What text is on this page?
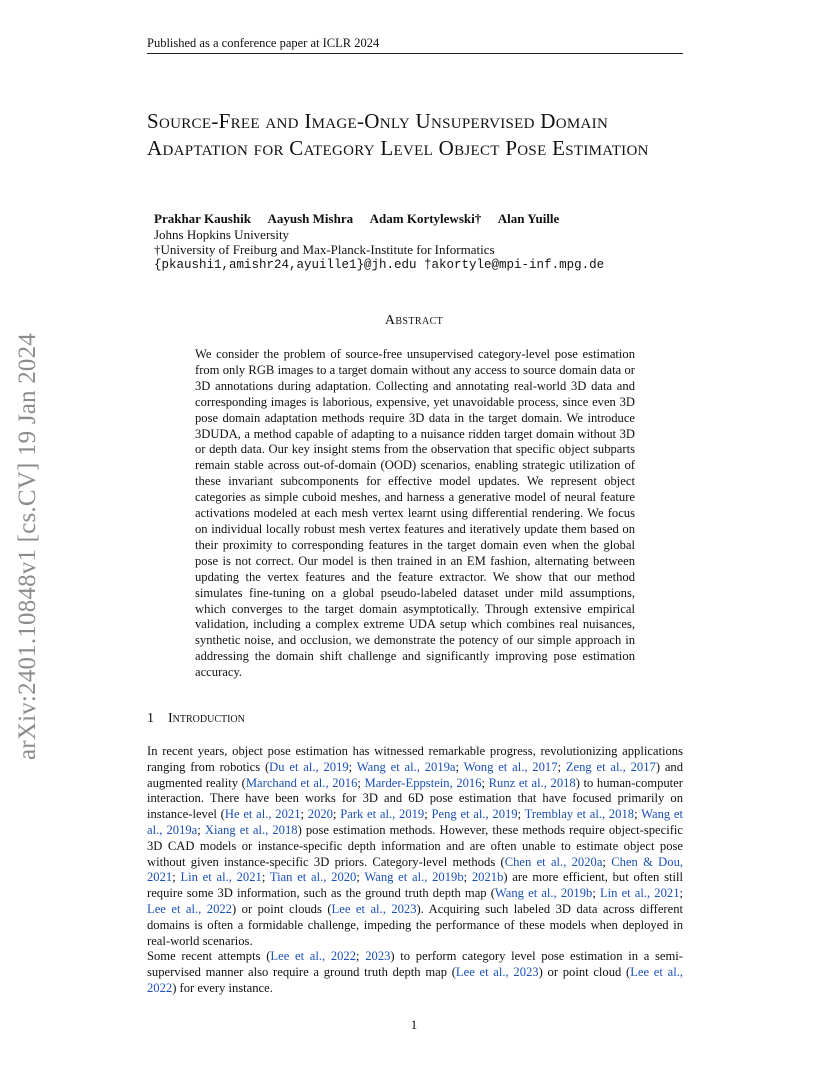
Published as a conference paper at ICLR 2024
arXiv:2401.10848v1 [cs.CV] 19 Jan 2024
Source-Free and Image-Only Unsupervised Domain Adaptation for Category Level Object Pose Estimation
Prakhar Kaushik Aayush Mishra Adam Kortylewski† Alan Yuille
Johns Hopkins University
†University of Freiburg and Max-Planck-Institute for Informatics
{pkaushi1,amishr24,ayuille1}@jh.edu †akortyle@mpi-inf.mpg.de
Abstract
We consider the problem of source-free unsupervised category-level pose estimation from only RGB images to a target domain without any access to source domain data or 3D annotations during adaptation. Collecting and annotating real-world 3D data and corresponding images is laborious, expensive, yet unavoidable process, since even 3D pose domain adaptation methods require 3D data in the target domain. We introduce 3DUDA, a method capable of adapting to a nuisance ridden target domain without 3D or depth data. Our key insight stems from the observation that specific object subparts remain stable across out-of-domain (OOD) scenarios, enabling strategic utilization of these invariant subcomponents for effective model updates. We represent object categories as simple cuboid meshes, and harness a generative model of neural feature activations modeled at each mesh vertex learnt using differential rendering. We focus on individual locally robust mesh vertex features and iteratively update them based on their proximity to corresponding features in the target domain even when the global pose is not correct. Our model is then trained in an EM fashion, alternating between updating the vertex features and the feature extractor. We show that our method simulates fine-tuning on a global pseudo-labeled dataset under mild assumptions, which converges to the target domain asymptotically. Through extensive empirical validation, including a complex extreme UDA setup which combines real nuisances, synthetic noise, and occlusion, we demonstrate the potency of our simple approach in addressing the domain shift challenge and significantly improving pose estimation accuracy.
1 Introduction
In recent years, object pose estimation has witnessed remarkable progress, revolutionizing applications ranging from robotics (Du et al., 2019; Wang et al., 2019a; Wong et al., 2017; Zeng et al., 2017) and augmented reality (Marchand et al., 2016; Marder-Eppstein, 2016; Runz et al., 2018) to human-computer interaction. There have been works for 3D and 6D pose estimation that have focused primarily on instance-level (He et al., 2021; 2020; Park et al., 2019; Peng et al., 2019; Tremblay et al., 2018; Wang et al., 2019a; Xiang et al., 2018) pose estimation methods. However, these methods require object-specific 3D CAD models or instance-specific depth information and are often unable to estimate object pose without given instance-specific 3D priors. Category-level methods (Chen et al., 2020a; Chen & Dou, 2021; Lin et al., 2021; Tian et al., 2020; Wang et al., 2019b; 2021b) are more efficient, but often still require some 3D information, such as the ground truth depth map (Wang et al., 2019b; Lin et al., 2021; Lee et al., 2022) or point clouds (Lee et al., 2023). Acquiring such labeled 3D data across different domains is often a formidable challenge, impeding the performance of these models when deployed in real-world scenarios.
Some recent attempts (Lee et al., 2022; 2023) to perform category level pose estimation in a semi-supervised manner also require a ground truth depth map (Lee et al., 2023) or point cloud (Lee et al., 2022) for every instance.
1
